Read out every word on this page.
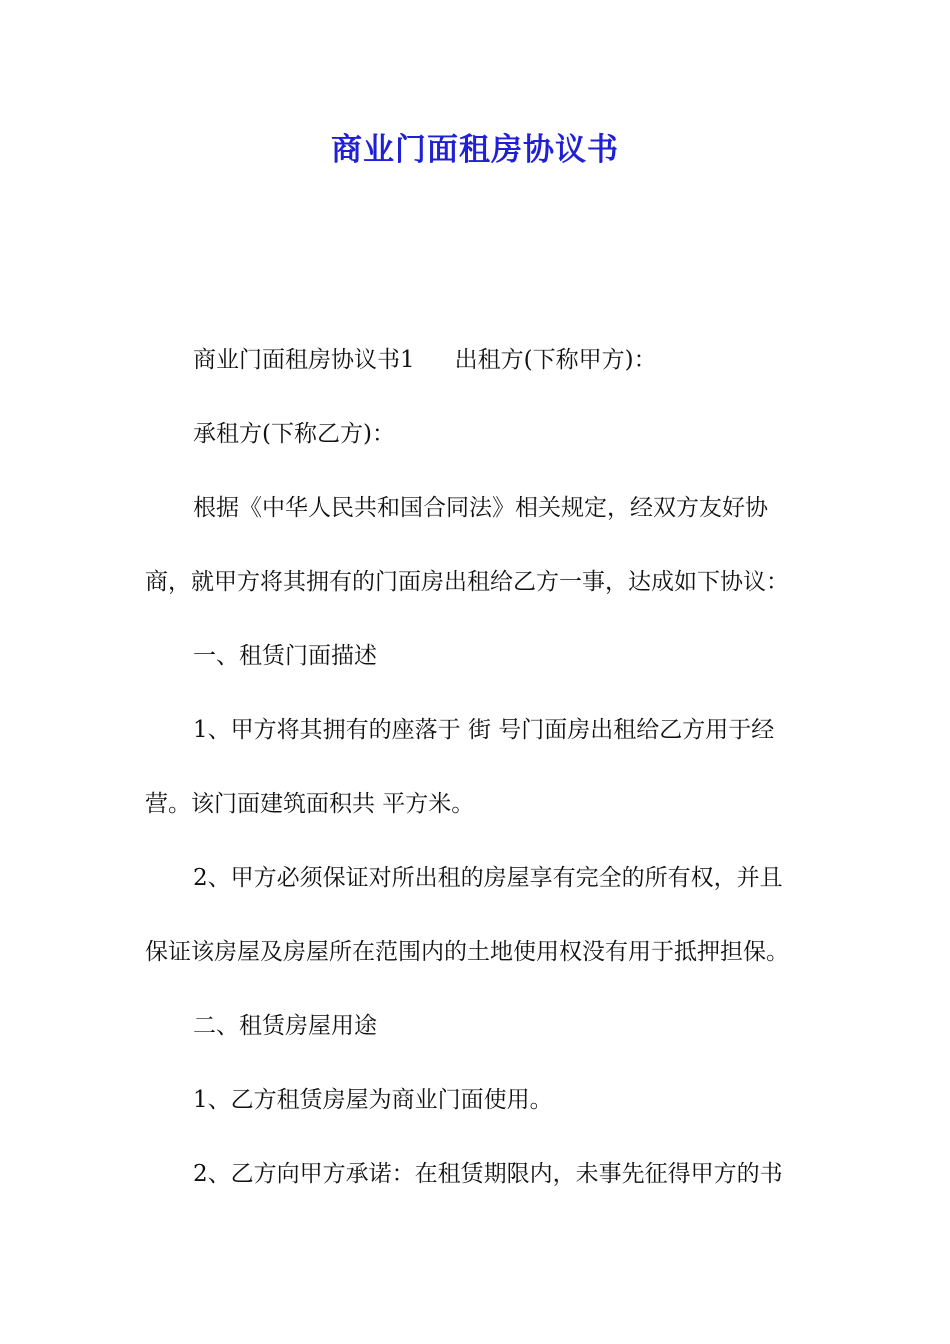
商业门面租房协议书
商业门面租房协议书1 出租方(下称甲方)：
承租方(下称乙方)：
根据《中华人民共和国合同法》相关规定，经双方友好协
商，就甲方将其拥有的门面房出租给乙方一事，达成如下协议：
一、租赁门面描述
1、甲方将其拥有的座落于 街 号门面房出租给乙方用于经
营。该门面建筑面积共 平方米。
2、甲方必须保证对所出租的房屋享有完全的所有权，并且
保证该房屋及房屋所在范围内的土地使用权没有用于抵押担保。
二、租赁房屋用途
1、乙方租赁房屋为商业门面使用。
2、乙方向甲方承诺：在租赁期限内，未事先征得甲方的书
